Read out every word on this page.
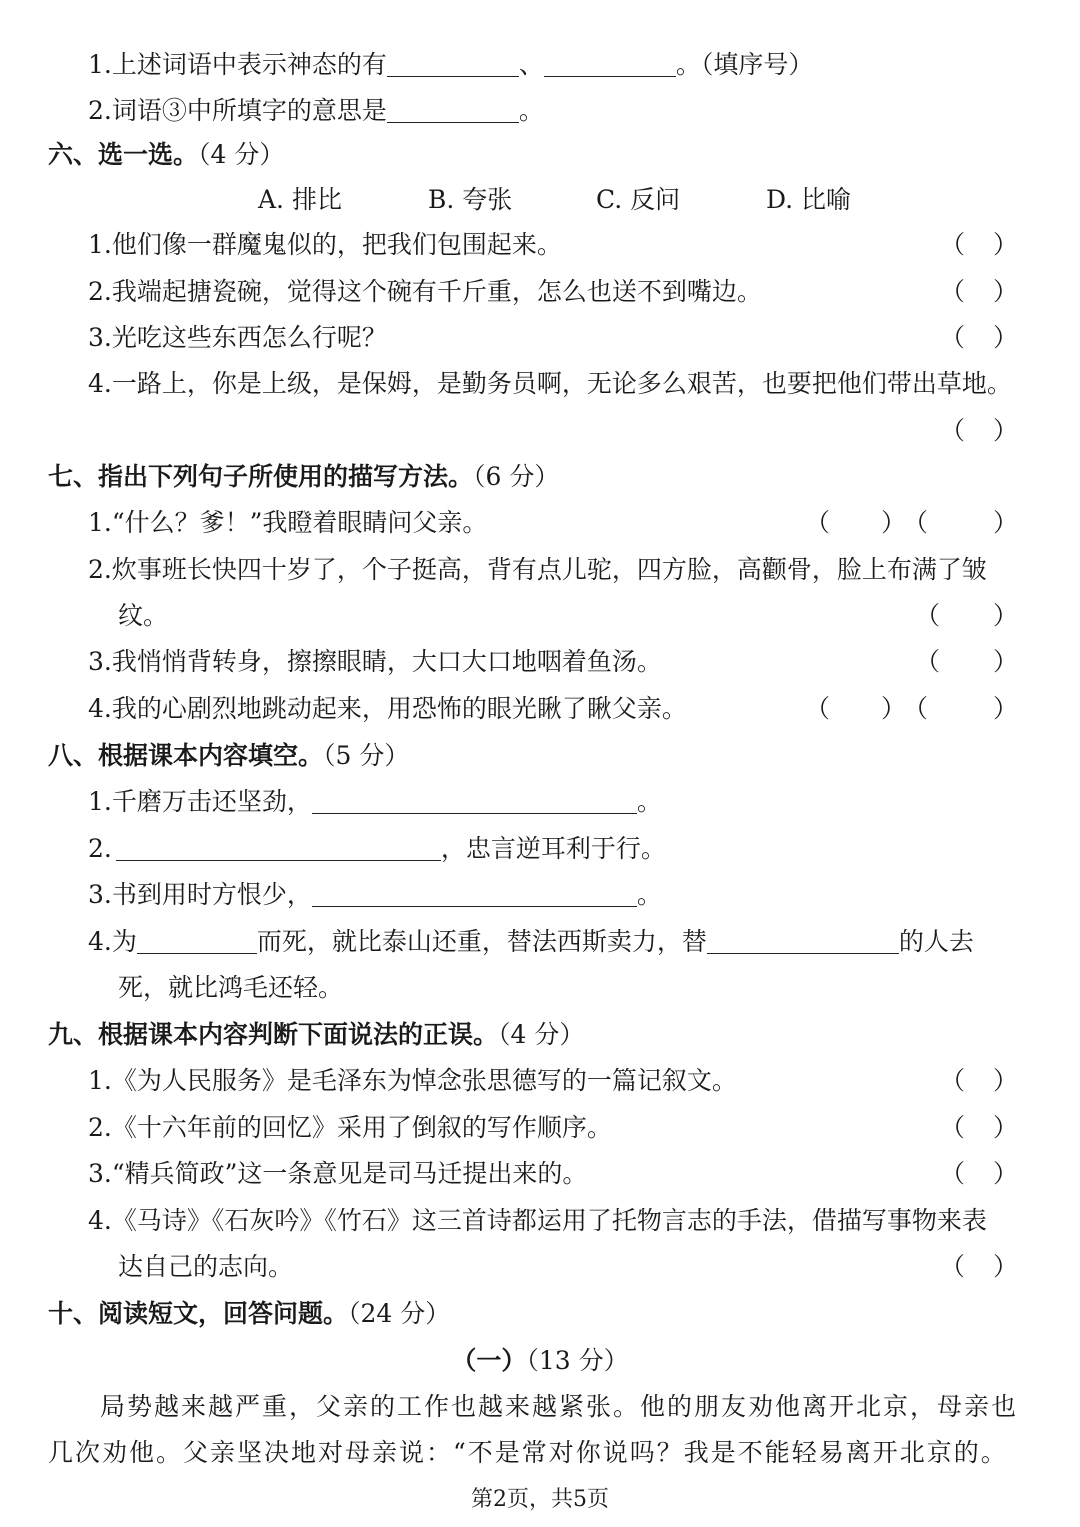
1.上述词语中表示神态的有	、	。（填序号）
2.词语③中所填字的意思是	。
六、选一选。（4 分）
A. 排比	B. 夸张	C. 反问	D. 比喻
1.他们像一群魔鬼似的，把我们包围起来。	（ ）
2.我端起搪瓷碗，觉得这个碗有千斤重，怎么也送不到嘴边。	（ ）
3.光吃这些东西怎么行呢？	（ ）
4.一路上，你是上级，是保姆，是勤务员啊，无论多么艰苦，也要把他们带出草地。
（ ）
七、指出下列句子所使用的描写方法。（6 分）
1.“什么？爹！”我瞪着眼睛问父亲。	（ ）
（	）
2.炊事班长快四十岁了，个子挺高，背有点儿驼，四方脸，高颧骨，脸上布满了皱
纹。	（ ）
3.我悄悄背转身，擦擦眼睛，大口大口地咽着鱼汤。	（ ）
4.我的心剧烈地跳动起来，用恐怖的眼光瞅了瞅父亲。	（ ）
（	）
八、根据课本内容填空。（5 分）
1.千磨万击还坚劲，	。
2.	，忠言逆耳利于行。
3.书到用时方恨少，	。
4.为	而死，就比泰山还重，替法西斯卖力，替	的人去
死，就比鸿毛还轻。
九、根据课本内容判断下面说法的正误。（4 分）
1.《为人民服务》是毛泽东为悼念张思德写的一篇记叙文。	（ ）
2.《十六年前的回忆》采用了倒叙的写作顺序。	（ ）
3.“精兵简政”这一条意见是司马迁提出来的。	（ ）
4.《马诗》《石灰吟》《竹石》这三首诗都运用了托物言志的手法，借描写事物来表
达自己的志向。	（ ）
十、阅读短文，回答问题。（24 分）
（一）（13 分）
局势越来越严重，父亲的工作也越来越紧张。他的朋友劝他离开北京，母亲也
几次劝他。父亲坚决地对母亲说：“不是常对你说吗？我是不能轻易离开北京的。
第2页，共5页
